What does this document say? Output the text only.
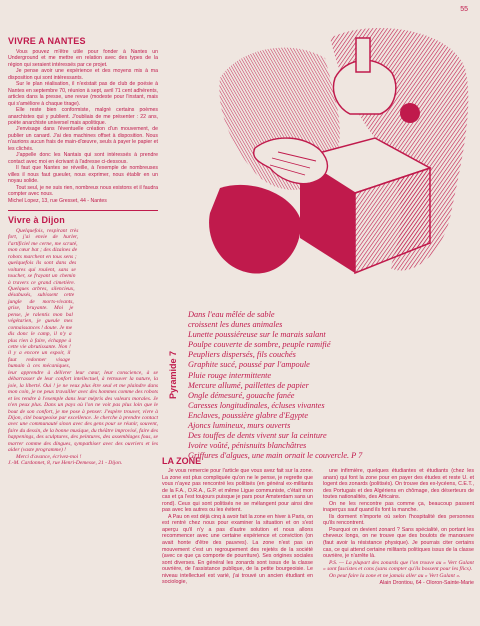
55
VIVRE A NANTES

Vous pouvez m'être utile pour fonder à Nantes un Underground et me mettre en relation avec des types de la région qui seraient intéressés par ce projet.

Je pense avoir une expérience et des moyens mis à ma disposition qui sont intéressants.

Sur le plan réalisation, il n'existait pas de club de poésie à Nantes en septembre 70, réunion à sept, avril 71 cent adhérents, articles dans la presse, une revue (modeste pour l'instant, mais qui s'améliore à chaque tirage).

Elle reste bien conformiste, malgré certains poèmes anarchistes qui y publient. J'oubliais de me présenter : 22 ans, poète anarchiste universel mais apolitique.

J'envisage dans l'éventuelle création d'un mouvement, de publier un canard. J'ai des machines offset à disposition. Nous n'aurions aucun frais de main-d'œuvre, seuls à payer le papier et les clichés.

J'appelle donc les Nantais qui sont intéressés à prendre contact avec moi en écrivant à l'adresse ci-dessous.

Il faut que Nantes se réveille, à l'exemple de nombreuses villes il nous faut gueuler, nous exprimer, nous établir en un noyau solide.

Tout seul, je ne suis rien, nombreux nous existons et il faudra compter avec nous.

Michel Lopez, 13, rue Gresset, 44 - Nantes
Vivre à Dijon

Quelquefois, respirant très fort, j'ai envie de hurler, l'artificiel me cerne, me scruté, mon cœur bat ; des dizaines de robots marchent en tous sens ; quelquefois ils sont dans des voitures qui roulent, sans se toucher, se frayant un chemin à travers ce grand cimetière. Quelques arbres, silencieux, désabusés, subissent cette jungle de morts-vivants, grise, bruyante. Moi je pense, je ralentis mon bal végétarien, je gueule mes connaissances ! doute. Je me dis donc le camp, il n'y a plus rien à faire, échappe à cette vie abrutissante. Non ! il y a encore un espoir, il faut redonner visage humain à ces mécaniques, leur apprendre à délivrer leur cœur, leur conscience, à se débarrasser de leur confort intellectuel, à retrouver la nature, la joie, la liberté. Oui ! je ne veux plus être seul et me plaindre dans mon coin, je ne peux travailler avec des hommes comme des robots et les rendre à l'exemple dans leur mépris des valeurs morales. Je n'en peux plus. Dans un pays où l'on ne voit pas plus loin que le bout de son confort, je me pose à penser. J'espère trouver, vivre à Dijon, cité bourgeoise par excellence. Je cherche à prendre contact avec une communauté sinon avec des gens pour se réunir, souvent, faire du dessin, de la bonne musique, du théâtre improvisé, faire des happenings, des sculptures, des peintures, des assemblages fous, se marrer comme des dingues, sympathiser avec des ouvriers et les aider (vaste programme) !

Merci d'avance, écrivez-moi !

J.-M. Cardonnet, 8, rue Henri-Demesse, 21 - Dijon.
Pyramide 7
Dans l'eau mêlée de sable
croissent les dunes animales
Lunette poussiéreuse sur le marais salant
Poulpe couverte de sombre, peuple ramifié
Peupliers dispersés, fils couchés
Graphite sucé, poussé par l'ampoule
Pluie rouge intermittente
Mercure allumé, paillettes de papier
Ongle démesuré, gouache fanée
Caresses longitudinales, écluses vivantes
Enclaves, poussière glabre d'Egypte
Ajoncs lumineux, murs ouverts
Des touffes de dents vivent sur la ceinture
Ivoire voûté, pénisnuits blanchâtres
Griffures d'algues, une main ornait le couvercle. P 7
LA ZONE

Je vous remercie pour l'article que vous avez fait sur la zone. La zone est plus compliquée qu'on ne le pense, je regrette que vous n'ayez pas rencontré les politisés (en général ex-militants de la F.A., O.R.A., G.P. et même Ligue communiste, c'était mon cas et ça l'est toujours puisque je pars pour Amsterdam sans un rond). Ceux qui sont politisés ne se mélangent pour ainsi dire pas avec les autres ou les évitent.

A Pau on est déjà cinq à avoir fait la zone en hiver à Paris, on est rentré chez nous pour examiner la situation et on s'est aperçu qu'il n'y a pas d'autre solution et nous allons recommencer avec une certaine expérience et conviction (on avait honte d'être des pauvres). La zone n'est pas un mouvement c'est un regroupement des rejetés de la société (avec ce que ça comporte de pourriture). Ses origines sociales sont diverses. En général les zonards sont issus de la classe ouvrière, de l'assistance publique, de la petite bourgeoisie. Le niveau intellectuel est varié, j'ai trouvé un ancien étudiant en sociologie,

une infirmière, quelques étudiantes et étudiants (chez les anars) qui font la zone pour en payer des études et reste U. et logent des zonards (politisés). On trouve des ex-lycéens, C.E.T., des Portugais et des Algériens en chômage, des déserteurs de toutes nationalités, des Africains.

On ne les rencontre pas comme ça, beaucoup passent inaperçus sauf quand ils font la manche.

Ils dorment n'importe où selon l'hospitalité des personnes qu'ils rencontrent.

Pourquoi on devient zonard ? Sans spécialité, on portant les cheveux longs, on ne trouve que des boulots de manœuvre (faut avoir la résistance physique). Je pourrais citer certains cas, ce qui attend certaine militants politiques issus de la classe ouvrière, je n'arrête là.

P.S. — La plupart des zonards que l'on trouve au « Vert Galant » sont fascistes et cons (sans compter qu'ils bossent pour les flics).

On peut faire la zone et ne jamais aller au « Vert Galant ».

Alain Drontiou, 64 - Oloron-Sainte-Marie
